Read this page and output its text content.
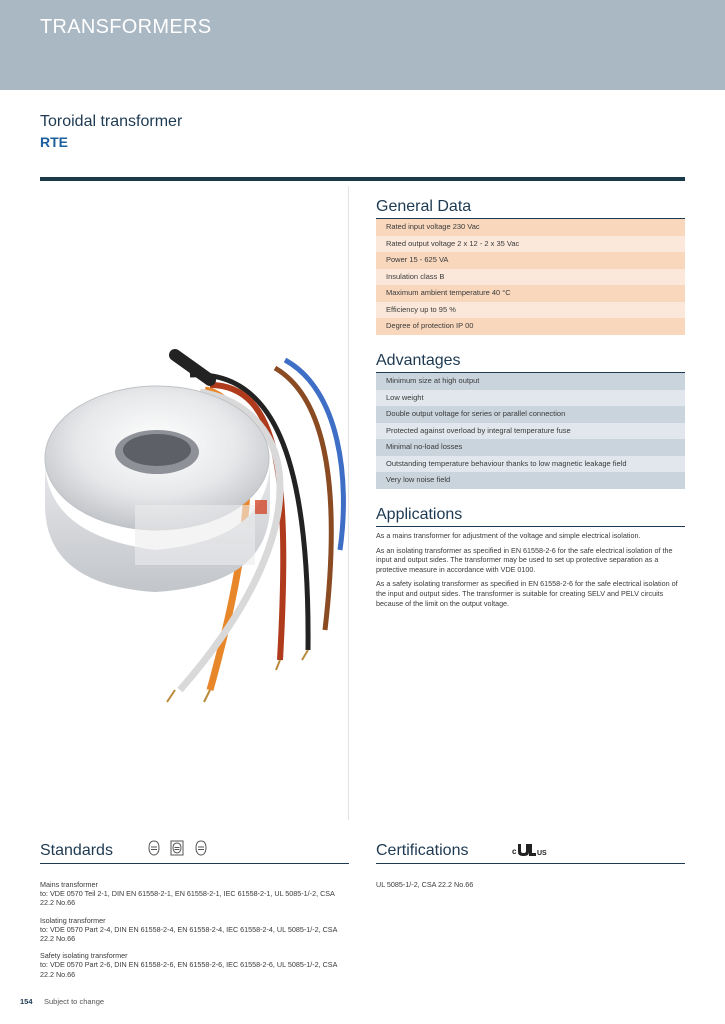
TRANSFORMERS
Toroidal transformer
RTE
General Data
Rated input voltage 230 Vac
Rated output voltage 2 x 12 - 2 x 35 Vac
Power 15 - 625 VA
Insulation class B
Maximum ambient temperature 40 °C
Efficiency up to 95 %
Degree of protection IP 00
Advantages
Minimum size at high output
Low weight
Double output voltage for series or parallel connection
Protected against overload by integral temperature fuse
Minimal no-load losses
Outstanding temperature behaviour thanks to low magnetic leakage field
Very low noise field
Applications

As a mains transformer for adjustment of the voltage and simple electrical isolation.

As an isolating transformer as specified in EN 61558-2-6 for the safe electrical isolation of the input and output sides. The transformer may be used to set up protective separation as a protective measure in accordance with VDE 0100.

As a safety isolating transformer as specified in EN 61558-2-6 for the safe electrical isolation of the input and output sides. The transformer is suitable for creating SELV and PELV circuits because of the limit on the output voltage.

Standards

Mains transformer
to: VDE 0570 Teil 2-1, DIN EN 61558-2-1, EN 61558-2-1, IEC 61558-2-1, UL 5085-1/-2, CSA 22.2 No.66

Isolating transformer
to: VDE 0570 Part 2-4, DIN EN 61558-2-4, EN 61558-2-4, IEC 61558-2-4, UL 5085-1/-2, CSA 22.2 No.66

Safety isolating transformer
to: VDE 0570 Part 2-6, DIN EN 61558-2-6, EN 61558-2-6, IEC 61558-2-6, UL 5085-1/-2, CSA 22.2 No.66

Certifications	c	US
UL 5085-1/-2, CSA 22.2 No.66
154 Subject to change
